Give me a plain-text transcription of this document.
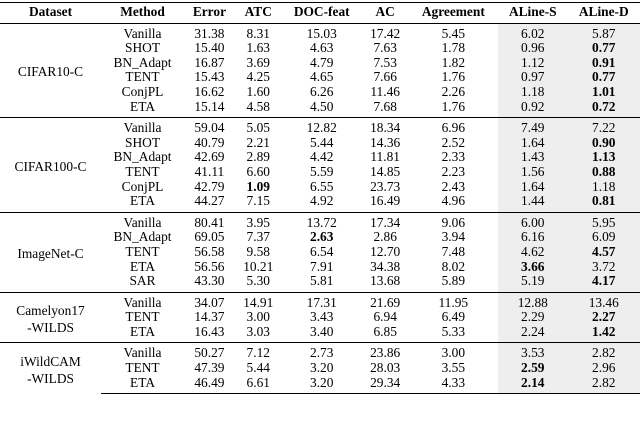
Dataset	Method	Error	ATC	DOC-feat	AC	Agreement	ALine-S	ALine-D
CIFAR10-C	Vanilla	31.38	8.31	15.03	17.42	5.45	6.02	5.87
	SHOT	15.40	1.63	4.63	7.63	1.78	0.96	0.77
	BN_Adapt	16.87	3.69	4.79	7.53	1.82	1.12	0.91
	TENT	15.43	4.25	4.65	7.66	1.76	0.97	0.77
	ConjPL	16.62	1.60	6.26	11.46	2.26	1.18	1.01
	ETA	15.14	4.58	4.50	7.68	1.76	0.92	0.72
CIFAR100-C	Vanilla	59.04	5.05	12.82	18.34	6.96	7.49	7.22
	SHOT	40.79	2.21	5.44	14.36	2.52	1.64	0.90
	BN_Adapt	42.69	2.89	4.42	11.81	2.33	1.43	1.13
	TENT	41.11	6.60	5.59	14.85	2.23	1.56	0.88
	ConjPL	42.79	1.09	6.55	23.73	2.43	1.64	1.18
	ETA	44.27	7.15	4.92	16.49	4.96	1.44	0.81
ImageNet-C	Vanilla	80.41	3.95	13.72	17.34	9.06	6.00	5.95
	BN_Adapt	69.05	7.37	2.63	2.86	3.94	6.16	6.09
	TENT	56.58	9.58	6.54	12.70	7.48	4.62	4.57
	ETA	56.56	10.21	7.91	34.38	8.02	3.66	3.72
	SAR	43.30	5.30	5.81	13.68	5.89	5.19	4.17
Camelyon17
-WILDS	Vanilla	34.07	14.91	17.31	21.69	11.95	12.88	13.46
	TENT	14.37	3.00	3.43	6.94	6.49	2.29	2.27
	ETA	16.43	3.03	3.40	6.85	5.33	2.24	1.42
iWildCAM
-WILDS	Vanilla	50.27	7.12	2.73	23.86	3.00	3.53	2.82
	TENT	47.39	5.44	3.20	28.03	3.55	2.59	2.96
	ETA	46.49	6.61	3.20	29.34	4.33	2.14	2.82
